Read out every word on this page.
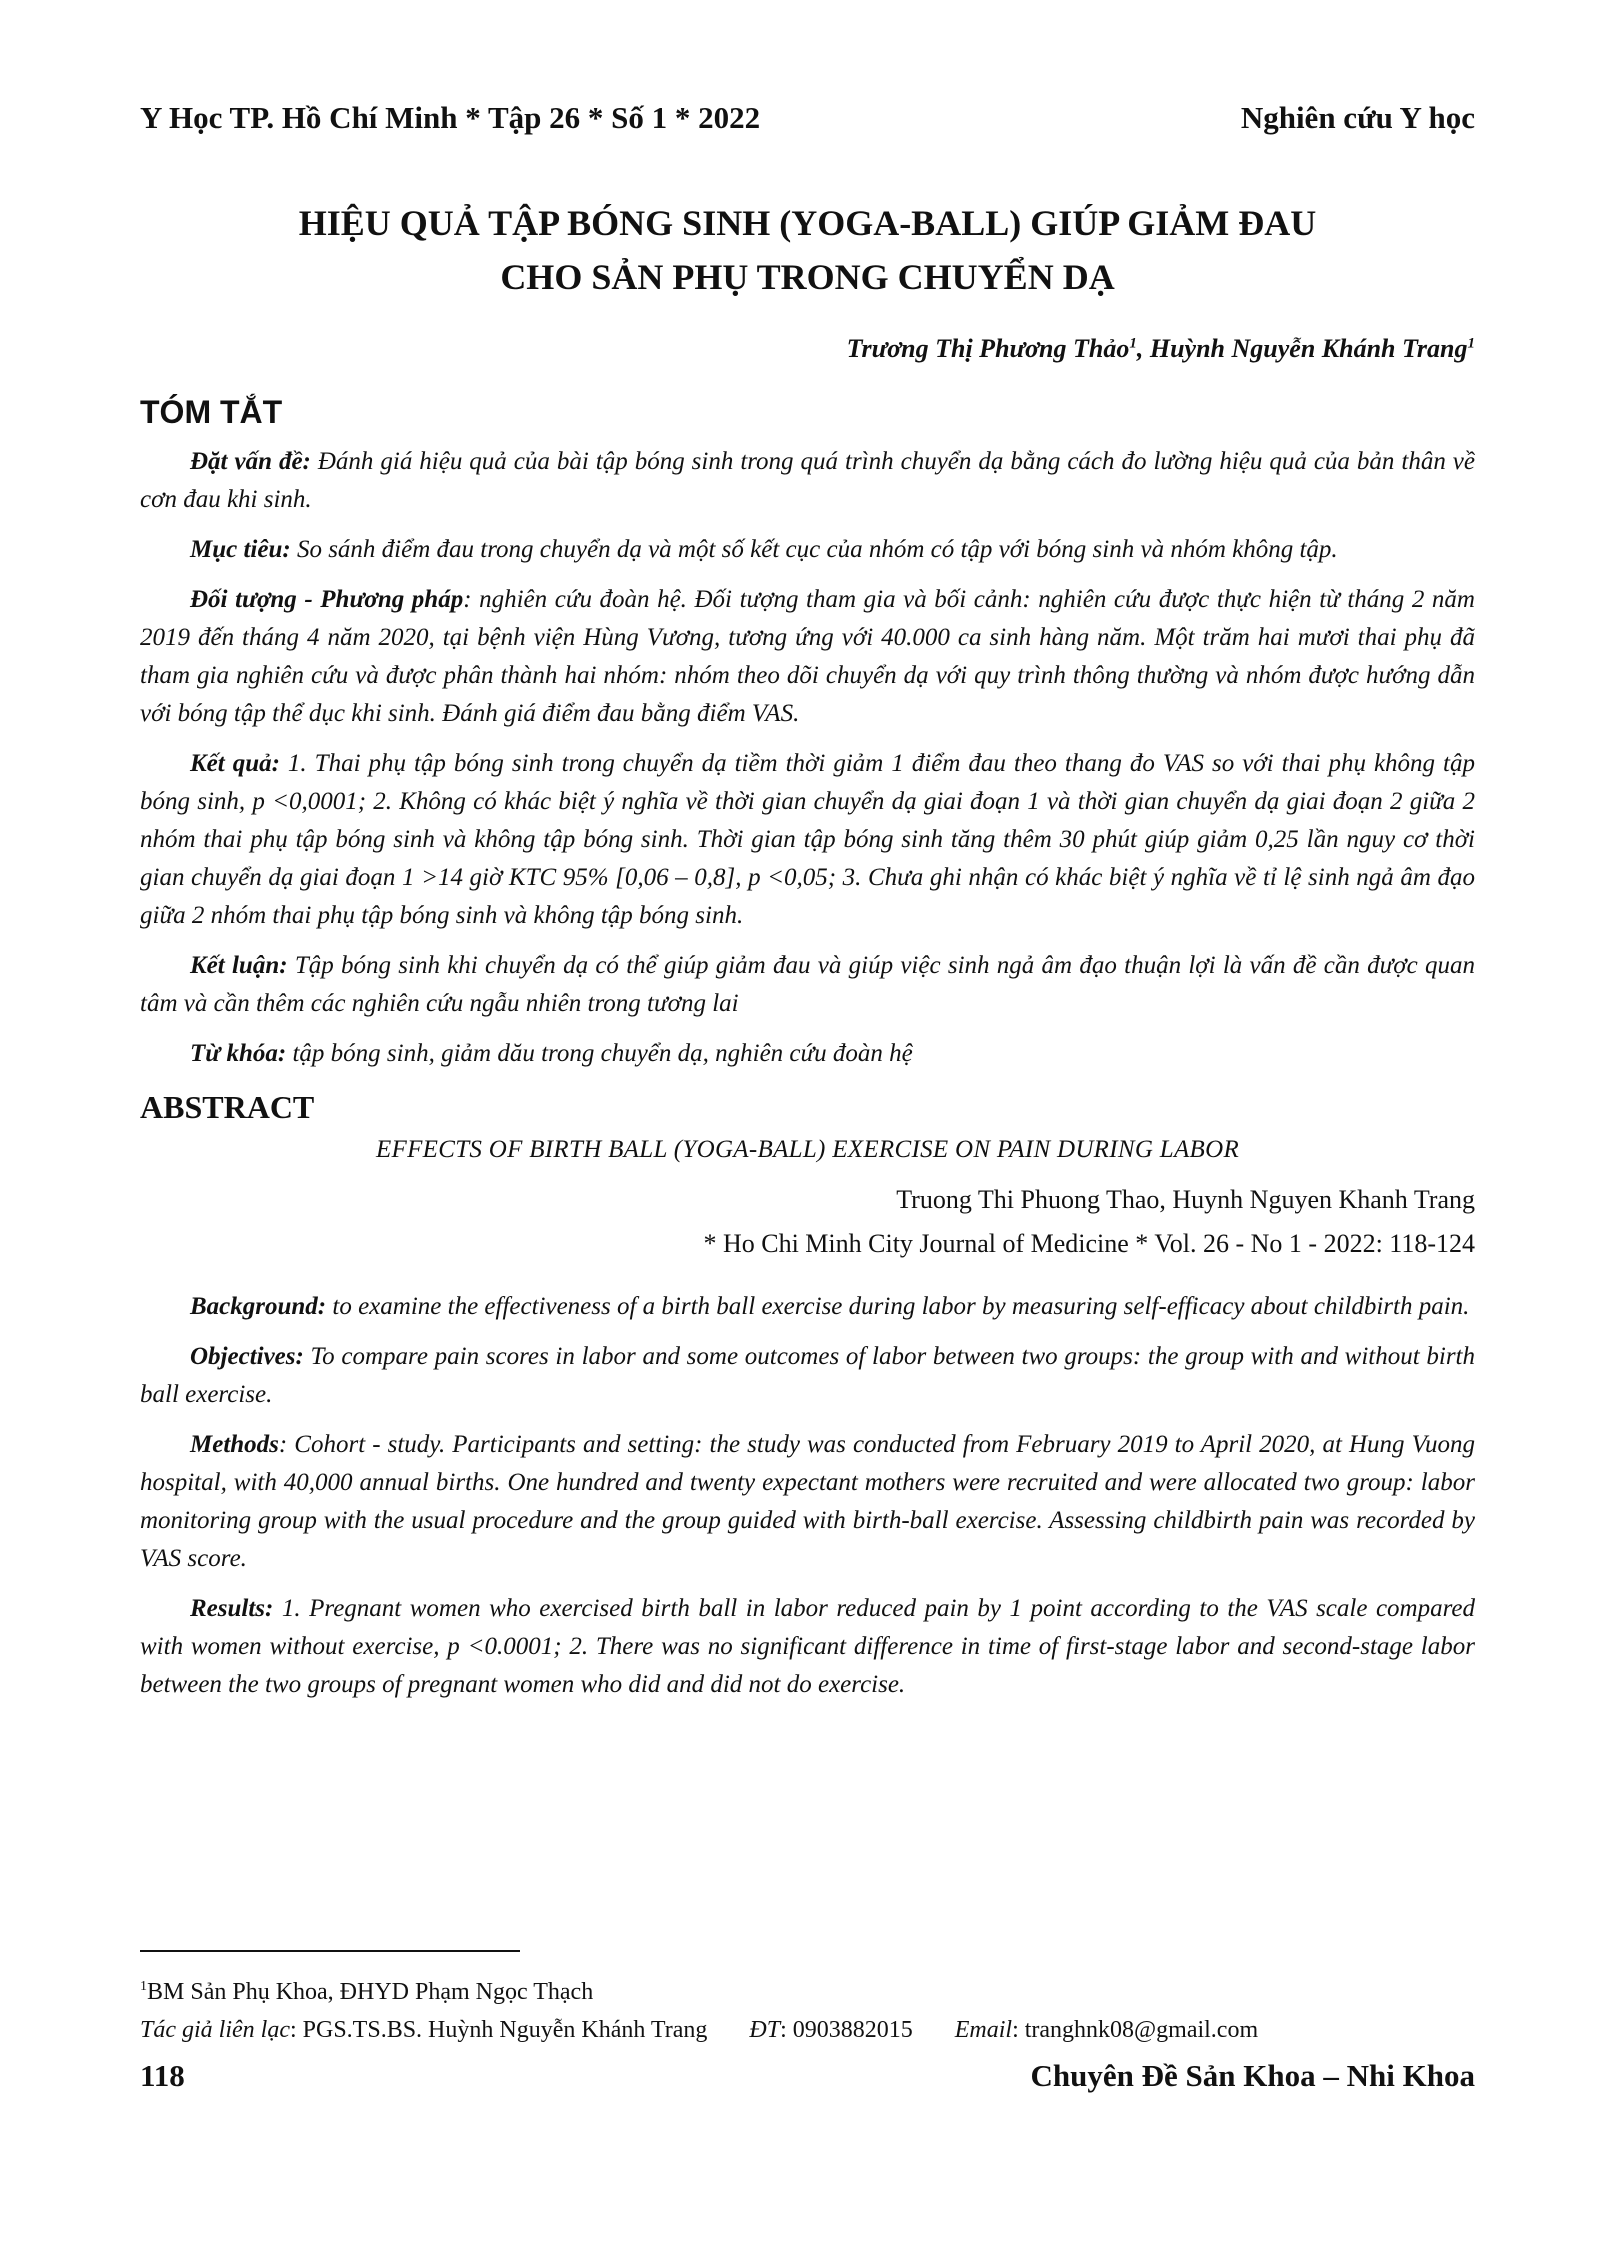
Y Học TP. Hồ Chí Minh * Tập 26 * Số 1 * 2022	Nghiên cứu Y học
HIỆU QUẢ TẬP BÓNG SINH (YOGA-BALL) GIÚP GIẢM ĐAU
CHO SẢN PHỤ TRONG CHUYỂN DẠ
Trương Thị Phương Thảo$^1$, Huỳnh Nguyễn Khánh Trang$^1$
TÓM TẮT

Đặt vấn đề: Đánh giá hiệu quả của bài tập bóng sinh trong quá trình chuyển dạ bằng cách đo lường hiệu quả của bản thân về cơn đau khi sinh.

Mục tiêu: So sánh điểm đau trong chuyển dạ và một số kết cục của nhóm có tập với bóng sinh và nhóm không tập.

Đối tượng - Phương pháp: nghiên cứu đoàn hệ. Đối tượng tham gia và bối cảnh: nghiên cứu được thực hiện từ tháng 2 năm 2019 đến tháng 4 năm 2020, tại bệnh viện Hùng Vương, tương ứng với 40.000 ca sinh hàng năm. Một trăm hai mươi thai phụ đã tham gia nghiên cứu và được phân thành hai nhóm: nhóm theo dõi chuyển dạ với quy trình thông thường và nhóm được hướng dẫn với bóng tập thể dục khi sinh. Đánh giá điểm đau bằng điểm VAS.

Kết quả: 1. Thai phụ tập bóng sinh trong chuyển dạ tiềm thời giảm 1 điểm đau theo thang đo VAS so với thai phụ không tập bóng sinh, p <0,0001; 2. Không có khác biệt ý nghĩa về thời gian chuyển dạ giai đoạn 1 và thời gian chuyển dạ giai đoạn 2 giữa 2 nhóm thai phụ tập bóng sinh và không tập bóng sinh. Thời gian tập bóng sinh tăng thêm 30 phút giúp giảm 0,25 lần nguy cơ thời gian chuyển dạ giai đoạn 1 >14 giờ KTC 95% [0,06 – 0,8], p <0,05; 3. Chưa ghi nhận có khác biệt ý nghĩa về tỉ lệ sinh ngả âm đạo giữa 2 nhóm thai phụ tập bóng sinh và không tập bóng sinh.

Kết luận: Tập bóng sinh khi chuyển dạ có thể giúp giảm đau và giúp việc sinh ngả âm đạo thuận lợi là vấn đề cần được quan tâm và cần thêm các nghiên cứu ngẫu nhiên trong tương lai

Từ khóa: tập bóng sinh, giảm dău trong chuyển dạ, nghiên cứu đoàn hệ

ABSTRACT
EFFECTS OF BIRTH BALL (YOGA-BALL) EXERCISE ON PAIN DURING LABOR
Truong Thi Phuong Thao, Huynh Nguyen Khanh Trang
* Ho Chi Minh City Journal of Medicine * Vol. 26 - No 1 - 2022: 118-124

Background: to examine the effectiveness of a birth ball exercise during labor by measuring self-efficacy about childbirth pain.

Objectives: To compare pain scores in labor and some outcomes of labor between two groups: the group with and without birth ball exercise.

Methods: Cohort - study. Participants and setting: the study was conducted from February 2019 to April 2020, at Hung Vuong hospital, with 40,000 annual births. One hundred and twenty expectant mothers were recruited and were allocated two group: labor monitoring group with the usual procedure and the group guided with birth-ball exercise. Assessing childbirth pain was recorded by VAS score.

Results: 1. Pregnant women who exercised birth ball in labor reduced pain by 1 point according to the VAS scale compared with women without exercise, p <0.0001; 2. There was no significant difference in time of first-stage labor and second-stage labor between the two groups of pregnant women who did and did not do exercise.

$^1$BM Sản Phụ Khoa, ĐHYD Phạm Ngọc Thạch
Tác giả liên lạc: PGS.TS.BS. Huỳnh Nguyễn Khánh Trang ĐT: 0903882015 Email: tranghnk08@gmail.com
118	Chuyên Đề Sản Khoa – Nhi Khoa
